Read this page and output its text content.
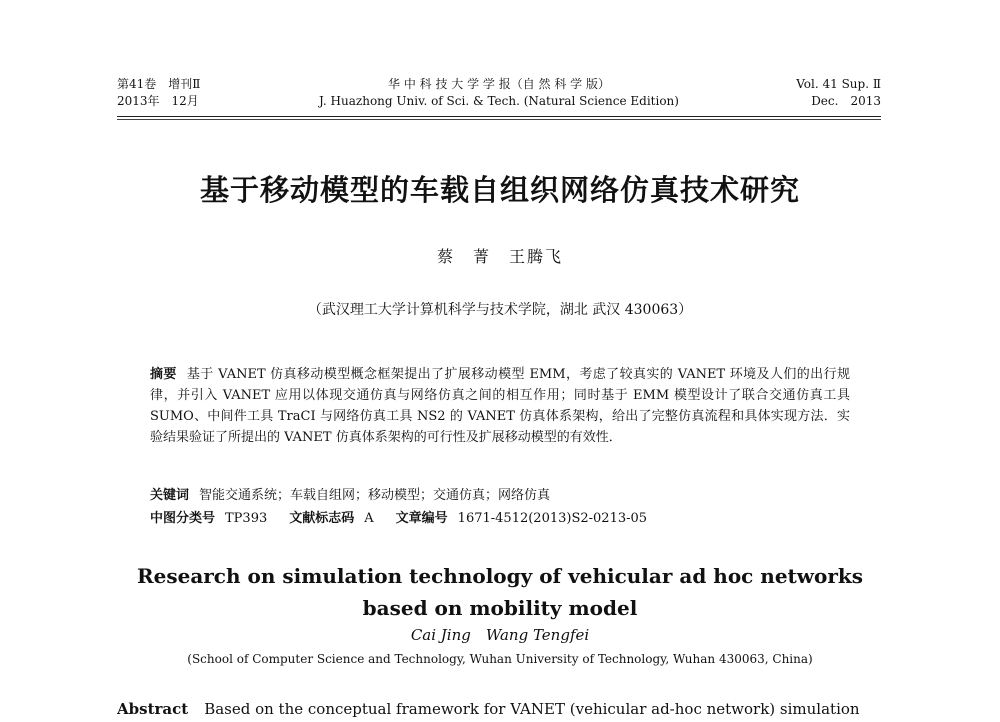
第41卷　增刊Ⅱ
2013年　12月
华 中 科 技 大 学 学 报（自 然 科 学 版）
J. Huazhong Univ. of Sci. & Tech. (Natural Science Edition)
Vol. 41 Sup. Ⅱ
Dec.　2013
基于移动模型的车载自组织网络仿真技术研究
蔡　菁　王腾飞
（武汉理工大学计算机科学与技术学院，湖北 武汉 430063）
摘要 基于 VANET 仿真移动模型概念框架提出了扩展移动模型 EMM，考虑了较真实的 VANET 环境及人们的出行规律，并引入 VANET 应用以体现交通仿真与网络仿真之间的相互作用；同时基于 EMM 模型设计了联合交通仿真工具 SUMO、中间件工具 TraCI 与网络仿真工具 NS2 的 VANET 仿真体系架构，给出了完整仿真流程和具体实现方法．实验结果验证了所提出的 VANET 仿真体系架构的可行性及扩展移动模型的有效性．
关键词 智能交通系统；车载自组网；移动模型；交通仿真；网络仿真
中图分类号 TP393 文献标志码 A 文章编号 1671-4512(2013)S2-0213-05
Research on simulation technology of vehicular ad hoc networks
based on mobility model
Cai Jing　Wang Tengfei
(School of Computer Science and Technology, Wuhan University of Technology, Wuhan 430063, China)
Abstract Based on the conceptual framework for VANET (vehicular ad-hoc network) simulation
